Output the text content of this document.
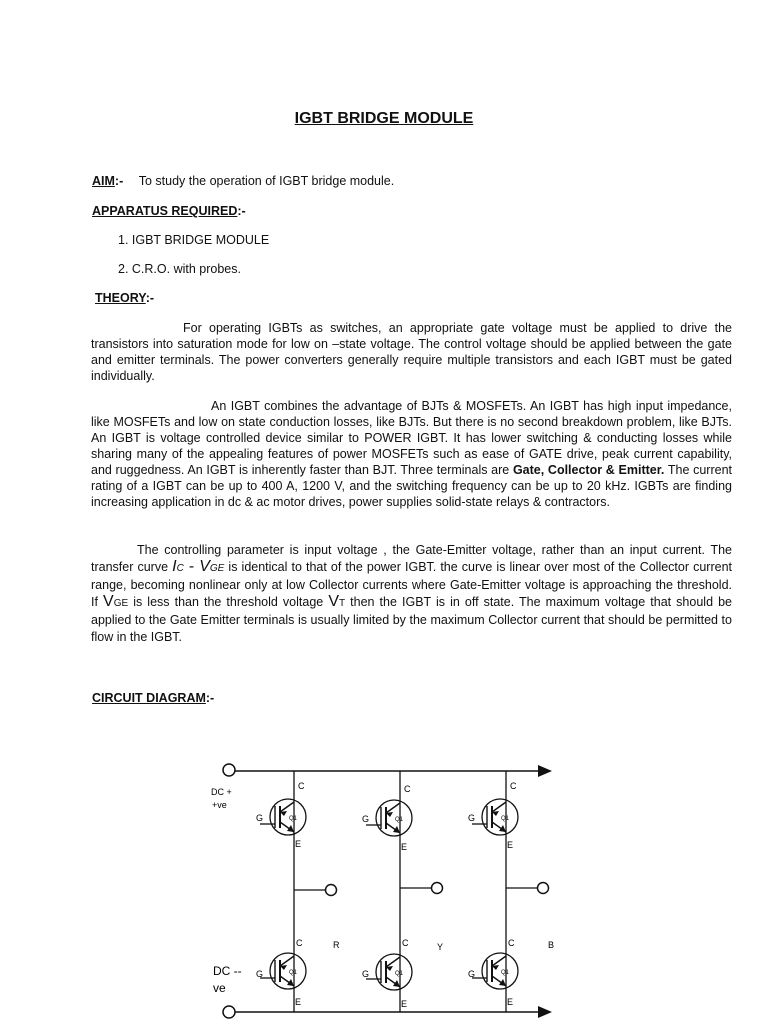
IGBT BRIDGE MODULE
AIM:- To study the operation of IGBT bridge module.
APPARATUS REQUIRED:-
1. IGBT BRIDGE MODULE
2. C.R.O. with probes.
THEORY:-

For operating IGBTs as switches, an appropriate gate voltage must be applied to drive the transistors into saturation mode for low on –state voltage. The control voltage should be applied between the gate and emitter terminals. The power converters generally require multiple transistors and each IGBT must be gated individually.

An IGBT combines the advantage of BJTs & MOSFETs. An IGBT has high input impedance, like MOSFETs and low on state conduction losses, like BJTs. But there is no second breakdown problem, like BJTs. An IGBT is voltage controlled device similar to POWER IGBT. It has lower switching & conducting losses while sharing many of the appealing features of power MOSFETs such as ease of GATE drive, peak current capability, and ruggedness. An IGBT is inherently faster than BJT. Three terminals are Gate, Collector & Emitter. The current rating of a IGBT can be up to 400 A, 1200 V, and the switching frequency can be up to 20 kHz. IGBTs are finding increasing application in dc & ac motor drives, power supplies solid-state relays & contractors.

The controlling parameter is input voltage , the Gate-Emitter voltage, rather than an input current. The transfer curve IC - VGE is identical to that of the power IGBT. the curve is linear over most of the Collector current range, becoming nonlinear only at low Collector currents where Gate-Emitter voltage is approaching the threshold. If VGE is less than the threshold voltage VT then the IGBT is in off state. The maximum voltage that should be applied to the Gate Emitter terminals is usually limited by the maximum Collector current that should be permitted to flow in the IGBT.

CIRCUIT DIAGRAM:-
DC +
+ve
DC --
ve
C	C	C
E	E	E
G	G	G
Q1	Q1	Q1
C	C	C
E	E	E
G	G	G
Q1	Q1	Q1
R	Y	B
